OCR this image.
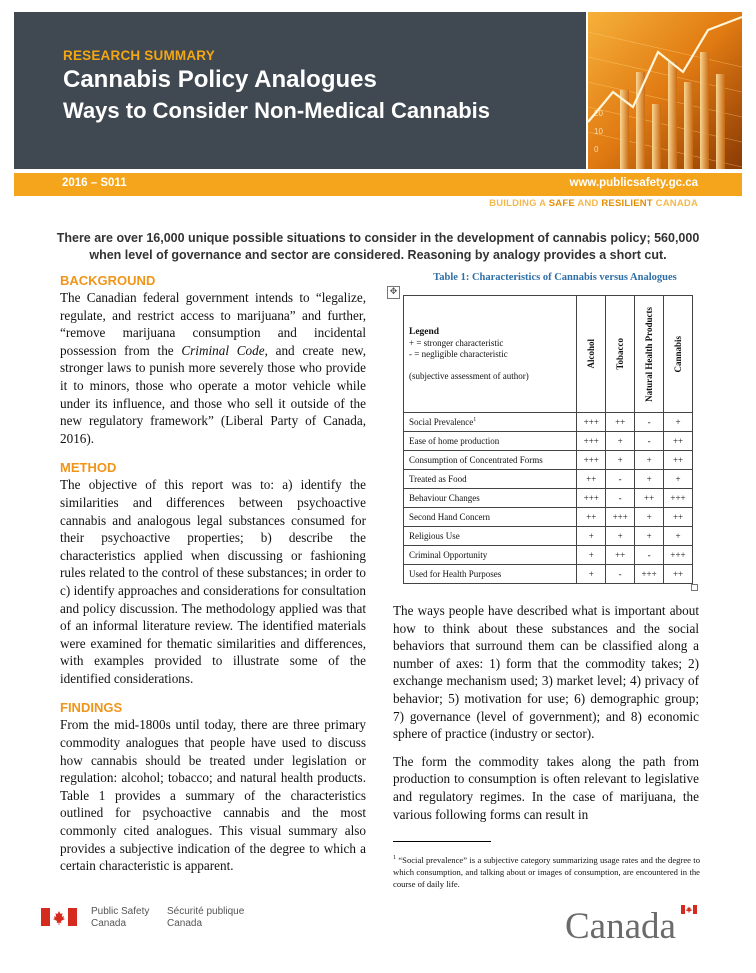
RESEARCH SUMMARY
Cannabis Policy Analogues
Ways to Consider Non-Medical Cannabis	20
10
0
2016 – S011	www.publicsafety.gc.ca
BUILDING A SAFE AND RESILIENT CANADA
There are over 16,000 unique possible situations to consider in the development of cannabis policy; 560,000 when level of governance and sector are considered. Reasoning by analogy provides a short cut.
BACKGROUND

The Canadian federal government intends to “legalize, regulate, and restrict access to marijuana” and further, “remove marijuana consumption and incidental possession from the Criminal Code, and create new, stronger laws to punish more severely those who provide it to minors, those who operate a motor vehicle while under its influence, and those who sell it outside of the new regulatory framework” (Liberal Party of Canada, 2016).

METHOD

The objective of this report was to: a) identify the similarities and differences between psychoactive cannabis and analogous legal substances consumed for their psychoactive properties; b) describe the characteristics applied when discussing or fashioning rules related to the control of these substances; in order to c) identify approaches and considerations for consultation and policy discussion. The methodology applied was that of an informal literature review. The identified materials were examined for thematic similarities and differences, with examples provided to illustrate some of the identified considerations.

FINDINGS

From the mid-1800s until today, there are three primary commodity analogues that people have used to discuss how cannabis should be treated under legislation or regulation: alcohol; tobacco; and natural health products. Table 1 provides a summary of the characteristics outlined for psychoactive cannabis and the most commonly cited analogues. This visual summary also provides a subjective indication of the degree to which a certain characteristic is apparent.

Table 1: Characteristics of Cannabis versus Analogues
Legend
+ = stronger characteristic
- = negligible characteristic

(subjective assessment of author)	Alcohol	Tobacco	Natural Health Products	Cannabis

Social Prevalence$^1$	+++	++	-	+
Ease of home production	+++	+	-	++
Consumption of Concentrated Forms	+++	+	+	++
Treated as Food	++	-	+	+
Behaviour Changes	+++	-	++	+++
Second Hand Concern	++	+++	+	++
Religious Use	+	+	+	+
Criminal Opportunity	+	++	-	+++
Used for Health Purposes	+	-	+++	++
✥

The ways people have described what is important about how to think about these substances and the social behaviors that surround them can be classified along a number of axes: 1) form that the commodity takes; 2) exchange mechanism used; 3) market level; 4) privacy of behavior; 5) motivation for use; 6) demographic group; 7) governance (level of government); and 8) economic sphere of practice (industry or sector).

The form the commodity takes along the path from production to consumption is often relevant to legislative and regulatory regimes. In the case of marijuana, the various following forms can result in

$^1$ “Social prevalence” is a subjective category summarizing usage rates and the degree to which consumption, and talking about or images of consumption, are encountered in the course of daily life.
Public Safety
Canada
Sécurité publique
Canada	Canada
